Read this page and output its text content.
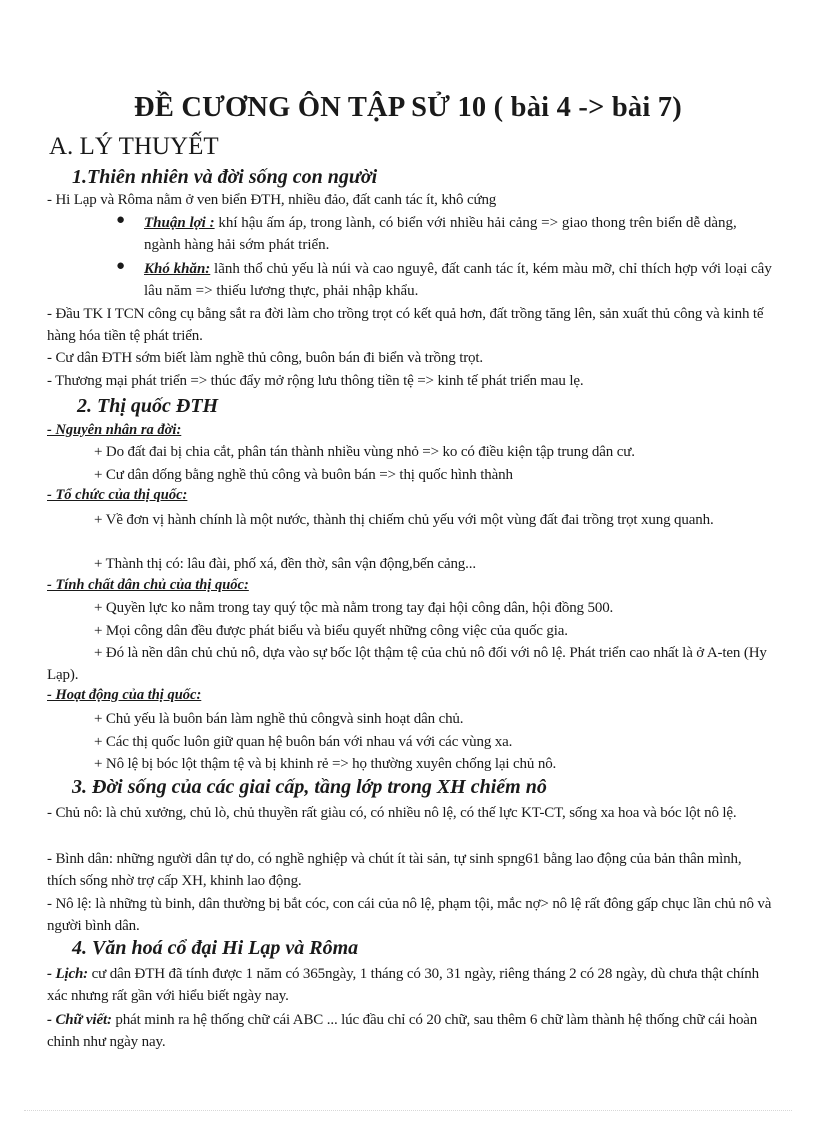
ĐỀ CƯƠNG ÔN TẬP SỬ 10 ( bài 4 -> bài 7)
A. LÝ THUYẾT
1.Thiên nhiên và đời sống con người
- Hi Lạp và Rôma nằm ở ven biển ĐTH, nhiều đảo, đất canh tác ít, khô cứng
● Thuận lợi : khí hậu ấm áp, trong lành, có biển với nhiều hải cảng => giao thong trên biển dễ dàng, ngành hàng hải sớm phát triển.
● Khó khăn: lãnh thổ chủ yếu là núi và cao nguyê, đất canh tác ít, kém màu mỡ, chỉ thích hợp với loại cây lâu năm => thiếu lương thực, phải nhập khẩu.
- Đầu TK I TCN công cụ bằng sắt ra đời làm cho trồng trọt có kết quả hơn, đất trồng tăng lên, sản xuất thủ công và kinh tế hàng hóa tiền tệ phát triển.
- Cư dân ĐTH sớm biết làm nghề thủ công, buôn bán đi biển và trồng trọt.
- Thương mại phát triển => thúc đẩy mở rộng lưu thông tiền tệ => kinh tế phát triển mau lẹ.
2. Thị quốc ĐTH
- Nguyên nhân ra đời:
+ Do đất đai bị chia cắt, phân tán thành nhiều vùng nhỏ => ko có điều kiện tập trung dân cư.
+ Cư dân dống bằng nghề thủ công và buôn bán => thị quốc hình thành
- Tổ chức của thị quốc:
+ Về đơn vị hành chính là một nước, thành thị chiếm chủ yếu với một vùng đất đai trồng trọt xung quanh.
+ Thành thị có: lâu đài, phố xá, đền thờ, sân vận động,bến cảng...
- Tính chất dân chủ của thị quốc:
+ Quyền lực ko nằm trong tay quý tộc mà nằm trong tay đại hội công dân, hội đồng 500.
+ Mọi công dân đều được phát biểu và biểu quyết những công việc của quốc gia.
+ Đó là nền dân chủ chủ nô, dựa vào sự bốc lột thậm tệ của chủ nô đối với nô lệ. Phát triển cao nhất là ở A-ten (Hy Lạp).
- Hoạt động của thị quốc:
+ Chủ yếu là buôn bán làm nghề thủ côngvà sinh hoạt dân chủ.
+ Các thị quốc luôn giữ quan hệ buôn bán với nhau vá với các vùng xa.
+ Nô lệ bị bóc lột thậm tệ và bị khinh rẻ => họ thường xuyên chống lại chủ nô.
3. Đời sống của các giai cấp, tầng lớp trong XH chiếm nô
- Chủ nô: là chủ xưởng, chủ lò, chủ thuyền rất giàu có, có nhiều nô lệ, có thế lực KT-CT, sống xa hoa và bóc lột nô lệ.
- Bình dân: những người dân tự do, có nghề nghiệp và chút ít tài sản, tự sinh spng61 bằng lao động của bản thân mình, thích sống nhờ trợ cấp XH, khinh lao động.
- Nô lệ: là những tù binh, dân thường bị bắt cóc, con cái của nô lệ, phạm tội, mắc nợ> nô lệ rất đông gấp chục lần chủ nô và người bình dân.
4. Văn hoá cổ đại Hi Lạp và Rôma
- Lịch: cư dân ĐTH đã tính được 1 năm có 365ngày, 1 tháng có 30, 31 ngày, riêng tháng 2 có 28 ngày, dù chưa thật chính xác nhưng rất gần với hiểu biết ngày nay.
- Chữ viết: phát minh ra hệ thống chữ cái ABC ... lúc đầu chỉ có 20 chữ, sau thêm 6 chữ làm thành hệ thống chữ cái hoàn chỉnh như ngày nay.
